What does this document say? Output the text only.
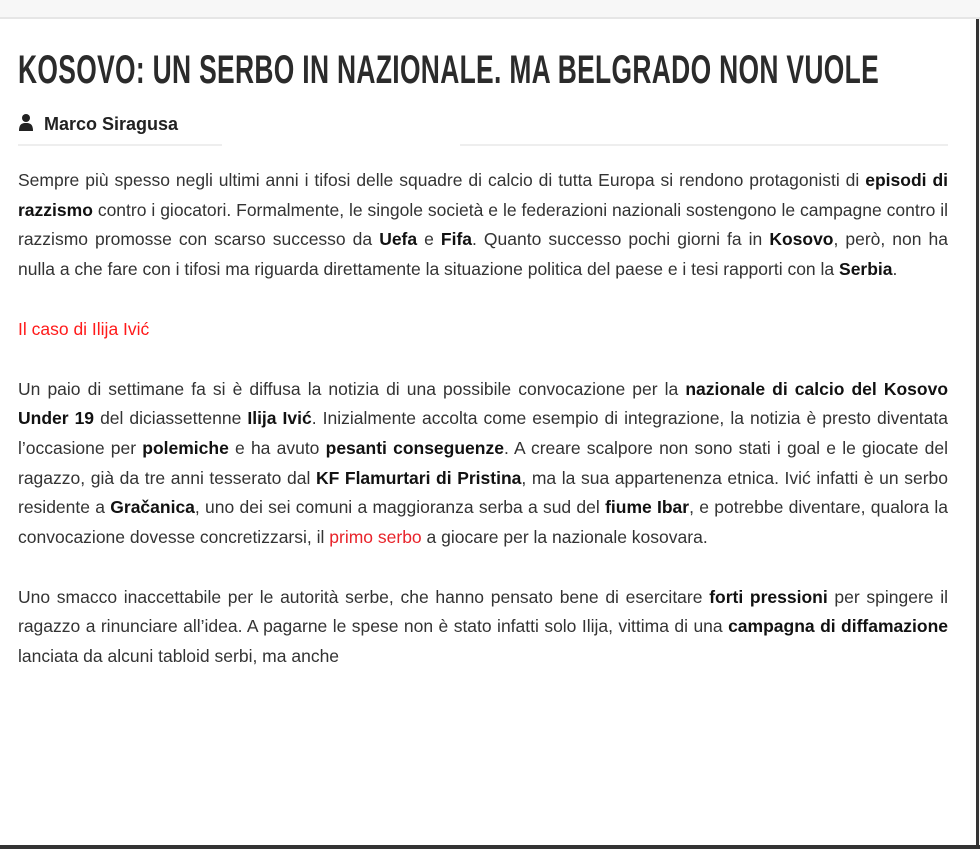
KOSOVO: UN SERBO IN NAZIONALE. MA BELGRADO NON VUOLE
Marco Siragusa

Sempre più spesso negli ultimi anni i tifosi delle squadre di calcio di tutta Europa si rendono protagonisti di episodi di razzismo contro i giocatori. Formalmente, le singole società e le federazioni nazionali sostengono le campagne contro il razzismo promosse con scarso successo da Uefa e Fifa. Quanto successo pochi giorni fa in Kosovo, però, non ha nulla a che fare con i tifosi ma riguarda direttamente la situazione politica del paese e i tesi rapporti con la Serbia.

Il caso di Ilija Ivić

Un paio di settimane fa si è diffusa la notizia di una possibile convocazione per la nazionale di calcio del Kosovo Under 19 del diciassettenne Ilija Ivić. Inizialmente accolta come esempio di integrazione, la notizia è presto diventata l’occasione per polemiche e ha avuto pesanti conseguenze. A creare scalpore non sono stati i goal e le giocate del ragazzo, già da tre anni tesserato dal KF Flamurtari di Pristina, ma la sua appartenenza etnica. Ivić infatti è un serbo residente a Gračanica, uno dei sei comuni a maggioranza serba a sud del fiume Ibar, e potrebbe diventare, qualora la convocazione dovesse concretizzarsi, il primo serbo a giocare per la nazionale kosovara.

Uno smacco inaccettabile per le autorità serbe, che hanno pensato bene di esercitare forti pressioni per spingere il ragazzo a rinunciare all’idea. A pagarne le spese non è stato infatti solo Ilija, vittima di una campagna di diffamazione lanciata da alcuni tabloid serbi, ma anche
